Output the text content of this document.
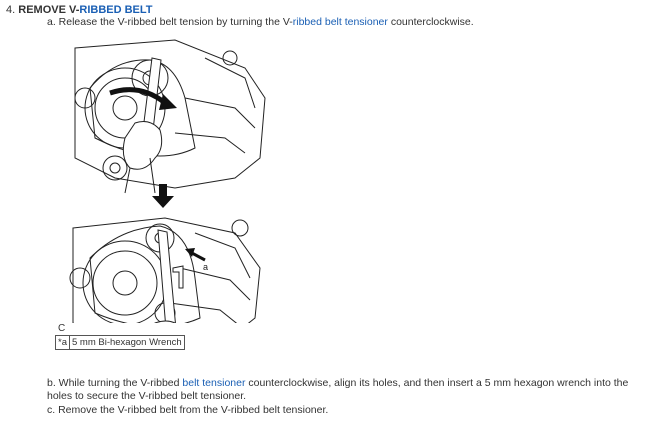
4. REMOVE V-RIBBED BELT
a. Release the V-ribbed belt tension by turning the V-ribbed belt tensioner counterclockwise.
a
C
*a	5 mm Bi-hexagon Wrench
b. While turning the V-ribbed belt tensioner counterclockwise, align its holes, and then insert a 5 mm hexagon wrench into the holes to secure the V-ribbed belt tensioner.
c. Remove the V-ribbed belt from the V-ribbed belt tensioner.
